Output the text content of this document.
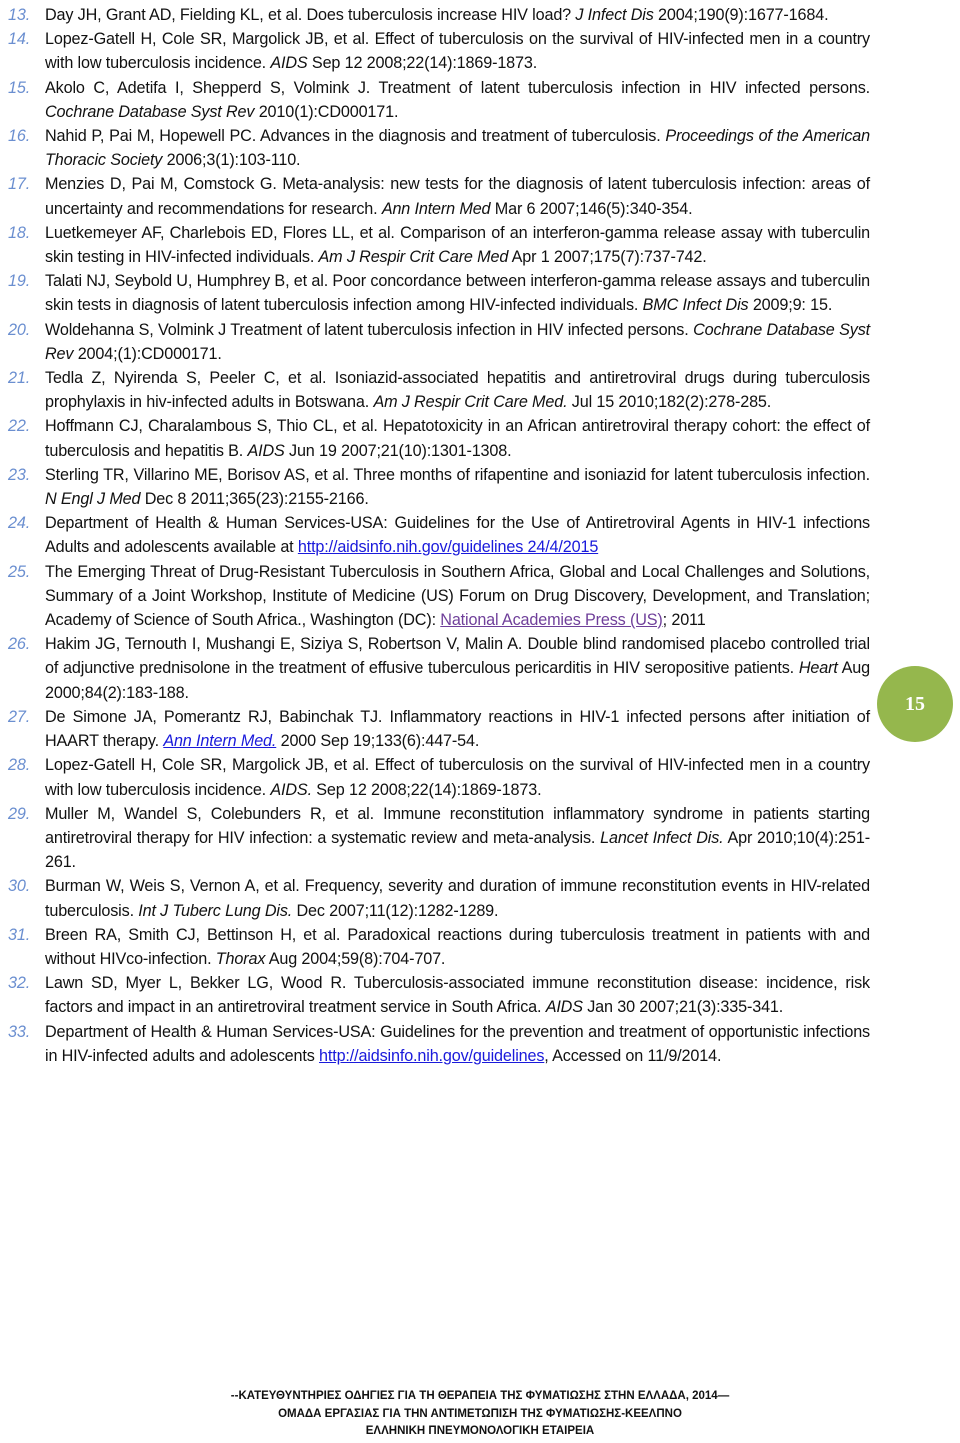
13. Day JH, Grant AD, Fielding KL, et al. Does tuberculosis increase HIV load? J Infect Dis 2004;190(9):1677-1684.
14. Lopez-Gatell H, Cole SR, Margolick JB, et al. Effect of tuberculosis on the survival of HIV-infected men in a country with low tuberculosis incidence. AIDS Sep 12 2008;22(14):1869-1873.
15. Akolo C, Adetifa I, Shepperd S, Volmink J. Treatment of latent tuberculosis infection in HIV infected persons. Cochrane Database Syst Rev 2010(1):CD000171.
16. Nahid P, Pai M, Hopewell PC. Advances in the diagnosis and treatment of tuberculosis. Proceedings of the American Thoracic Society 2006;3(1):103-110.
17. Menzies D, Pai M, Comstock G. Meta-analysis: new tests for the diagnosis of latent tuberculosis infection: areas of uncertainty and recommendations for research. Ann Intern Med Mar 6 2007;146(5):340-354.
18. Luetkemeyer AF, Charlebois ED, Flores LL, et al. Comparison of an interferon-gamma release assay with tuberculin skin testing in HIV-infected individuals. Am J Respir Crit Care Med Apr 1 2007;175(7):737-742.
19. Talati NJ, Seybold U, Humphrey B, et al. Poor concordance between interferon-gamma release assays and tuberculin skin tests in diagnosis of latent tuberculosis infection among HIV-infected individuals. BMC Infect Dis 2009;9: 15.
20. Woldehanna S, Volmink J Treatment of latent tuberculosis infection in HIV infected persons. Cochrane Database Syst Rev 2004;(1):CD000171.
21. Tedla Z, Nyirenda S, Peeler C, et al. Isoniazid-associated hepatitis and antiretroviral drugs during tuberculosis prophylaxis in hiv-infected adults in Botswana. Am J Respir Crit Care Med. Jul 15 2010;182(2):278-285.
22. Hoffmann CJ, Charalambous S, Thio CL, et al. Hepatotoxicity in an African antiretroviral therapy cohort: the effect of tuberculosis and hepatitis B. AIDS Jun 19 2007;21(10):1301-1308.
23. Sterling TR, Villarino ME, Borisov AS, et al. Three months of rifapentine and isoniazid for latent tuberculosis infection. N Engl J Med Dec 8 2011;365(23):2155-2166.
24. Department of Health & Human Services-USA: Guidelines for the Use of Antiretroviral Agents in HIV-1 infections Adults and adolescents available at http://aidsinfo.nih.gov/guidelines 24/4/2015
25. The Emerging Threat of Drug-Resistant Tuberculosis in Southern Africa, Global and Local Challenges and Solutions, Summary of a Joint Workshop, Institute of Medicine (US) Forum on Drug Discovery, Development, and Translation; Academy of Science of South Africa., Washington (DC): National Academies Press (US); 2011
26. Hakim JG, Ternouth I, Mushangi E, Siziya S, Robertson V, Malin A. Double blind randomised placebo controlled trial of adjunctive prednisolone in the treatment of effusive tuberculous pericarditis in HIV seropositive patients. Heart Aug 2000;84(2):183-188.
27. De Simone JA, Pomerantz RJ, Babinchak TJ. Inflammatory reactions in HIV-1 infected persons after initiation of HAART therapy. Ann Intern Med. 2000 Sep 19;133(6):447-54.
28. Lopez-Gatell H, Cole SR, Margolick JB, et al. Effect of tuberculosis on the survival of HIV-infected men in a country with low tuberculosis incidence. AIDS. Sep 12 2008;22(14):1869-1873.
29. Muller M, Wandel S, Colebunders R, et al. Immune reconstitution inflammatory syndrome in patients starting antiretroviral therapy for HIV infection: a systematic review and meta-analysis. Lancet Infect Dis. Apr 2010;10(4):251-261.
30. Burman W, Weis S, Vernon A, et al. Frequency, severity and duration of immune reconstitution events in HIV-related tuberculosis. Int J Tuberc Lung Dis. Dec 2007;11(12):1282-1289.
31. Breen RA, Smith CJ, Bettinson H, et al. Paradoxical reactions during tuberculosis treatment in patients with and without HIVco-infection. Thorax Aug 2004;59(8):704-707.
32. Lawn SD, Myer L, Bekker LG, Wood R. Tuberculosis-associated immune reconstitution disease: incidence, risk factors and impact in an antiretroviral treatment service in South Africa. AIDS Jan 30 2007;21(3):335-341.
33. Department of Health & Human Services-USA: Guidelines for the prevention and treatment of opportunistic infections in HIV-infected adults and adolescents http://aidsinfo.nih.gov/guidelines, Accessed on 11/9/2014.
15
--ΚΑΤΕΥΘΥΝΤΗΡΙΕΣ ΟΔΗΓΙΕΣ ΓΙΑ ΤΗ ΘΕΡΑΠΕΙΑ ΤΗΣ ΦΥΜΑΤΙΩΣΗΣ ΣΤΗΝ ΕΛΛΑΔΑ, 2014—
ΟΜΑΔΑ ΕΡΓΑΣΙΑΣ ΓΙΑ ΤΗΝ ΑΝΤΙΜΕΤΩΠΙΣΗ ΤΗΣ ΦΥΜΑΤΙΩΣΗΣ-ΚΕΕΛΠΝΟ
ΕΛΛΗΝΙΚΗ ΠΝΕΥΜΟΝΟΛΟΓΙΚΗ ΕΤΑΙΡΕΙΑ
